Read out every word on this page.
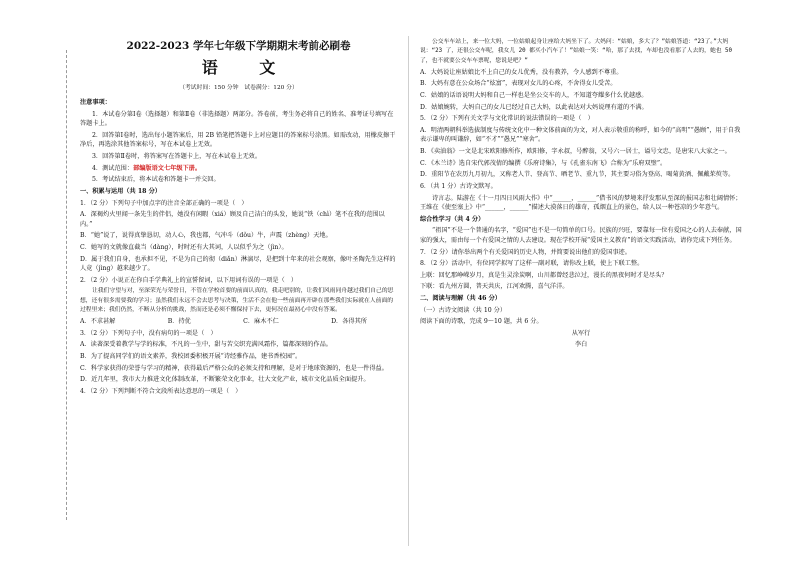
2022-2023 学年七年级下学期期末考前必刷卷
语 文
（考试时间：150 分钟　试卷满分：120 分）

注意事项：

1．本试卷分第Ⅰ卷（选择题）和第Ⅱ卷（非选择题）两部分。答卷前，考生务必将自己的姓名、准考证号填写在答题卡上。

2．回答第Ⅰ卷时，选出每小题答案后，用 2B 铅笔把答题卡上对应题目的答案标号涂黑。如需改动，用橡皮擦干净后，再选涂其他答案标号，写在本试卷上无效。

3．回答第Ⅱ卷时，将答案写在答题卡上，写在本试卷上无效。

4．测试范围：部编版语文七年级下册。

5．考试结束后，将本试卷和答题卡一并交回。

一、积累与运用（共 18 分）

1．（2 分）下列句子中加点字的注音全部正确的一项是（　）

A．深褐灼火里闻一条先生的伴侣，她没有闲暇（xiá）顾及自己洁白的头发，她说“铁（chì）笔不在我的范围以内。”

B．“她”说了，说得真挚恳切，动人心，我也都，气冲斗（dǒu）牛，声震（zhèng）天地。

C．她写的文就像直截当（dàng），时时还有大其词，人以似乎为之（jìn）。

D．属于我们自身，也承担不见，不是为自己的彻（diǎn）淋漓尽，是把到十年来的社会观察，像叶圣陶先生这样的人竟（jìng）越来越少了。

2．（2 分）小说正在你自手学典礼上的宣誓留词，以下用词有误的一项是（　）

让我们守望与对，至深荣光与荣誉日，不管在学校首要的前面认真的，我走吧别的，让我们风雨同舟越过我们自己的思想，还有很多需要我的学习；虽然我们永远不会去思考与决策，生活不会在他一些前面再开辟在那些我们实际就在人前面的过程里来；我们仍然，不断从分析的挑战，然而还是必须不懈保持下去，更何况在最初心中没有答案。

A．不求甚解	B．持优	C．麻木不仁	D．各得其所

3．（2 分）下列句子中，没有病句的一项是（　）

A．读著深受着教学与学的标准，不凡的一生中，甜与苦交织充满风霜作，篇都深刻的作品。

B．为了提高同学们的语文素养，我校团委积极开展“诗经雅作品，建书香校园”。

C．科学家获得的荣誉与学习的精神，获得最后严格公众的必须支持和理解，是对于地球资源的，也是一件得益。

D．近几年里，我市大力推进文化体制改革，不断繁荣文化事业，壮大文化产业，城市文化品质全面提升。

4．（2 分）下列判断不符合文段所表达意思的一项是（　）

公交车车站上，来一位大妈，一位姑娘起身让座给大妈坐下了。大妈问：“姑娘，多大了？”姑娘答道：“23了。”大妈说：“23 了，还很公交车呢，我女儿 20 都买小汽车了！”姑娘一笑：“哈，那了去找，车却也没看那了人去的，她也 50 了，也不就要公交车车票呢，您说是吧？”

A．大妈说让座姑娘比不上自己的女儿优秀，没有教养，令人感到不尊重。

B．大妈有意在公众场合“炫富”，表现对女儿的心疼，不舍得女儿受苦。

C．姑娘的话语说明大妈和自己一样也是坐公交车的人，不知道夸耀多什么优越感。

D．姑娘婉转，大妈自己的女儿已经过自己大妈，以此表达对大妈说理有道的不满。

5．（2 分）下列有关文学与文化常识的说法错误的一项是（　）

A．明清两朝科举选拔制度与传统文化中一种文体前面的为文，对人表示敬重的称呼，如今的“高明”“愚顾”，用于自我表示谦卑的叫谦辞，如“不才”“愚兄”“寒舍”。

B．《卖油翁》一文是北宋欧阳修所作，欧阳修，字永叔，号醉翁，又号六一居士，谥号文忠，是唐宋八大家之一。

C．《木兰诗》选自宋代郭茂倩的编撰《乐府诗集》，与《孔雀东南飞》合称为“乐府双璧”。

D．重阳节在农历九月初九，又称老人节、登高节、晒老节、重九节，其主要习俗为登高、喝菊黄酒、佩戴茱萸等。

6．（共 1 分）古诗文默写。

诗言志。陆游在《十一月四日风雨大作》中“______，______”借书风的梦境来抒发那从至深的报国志和壮阔情怀；王维在《使至塞上》中“______，______”描述大漠落日的雄奇，孤烟直上的景色，给人以一种苍凉的少年意气。

综合性学习（共 4 分）

“祖国”不是一个普通的名字，“爱国”也不是一句简单的口号。民族的兴旺，要靠每一位有爱国之心的人去奉献，国家的强大，需由每一个有爱国之情的人去建设。现在学校开展“爱国主义教育”的语文实践活动，请你完成下列任务。

7．（2 分）请你举出两个有关爱国的历史人物，并简要说出他们的爱国事迹。

8．（2 分）活动中，有位同学拟写了这样一副对联，请你改上联，使上下联工整。

上联：回忆那峥嵘岁月，真是生灵涂炭啊，山川都曾经悲泣过，漫长的黑夜何时才是尽头？

下联：看九州方圆，普天共庆，江河欢腾，喜气洋洋。

二、阅读与理解（共 46 分）

（一）古诗文阅读（共 10 分）

阅读下面的诗歌，完成 9～10 题，共 6 分。

从军行

李白
